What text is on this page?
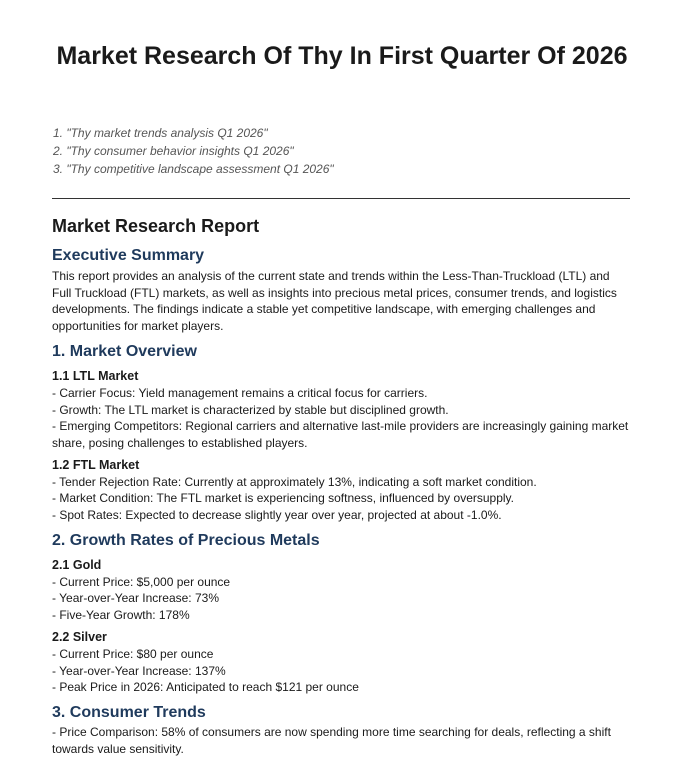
Market Research Of Thy In First Quarter Of 2026
1. "Thy market trends analysis Q1 2026"
2. "Thy consumer behavior insights Q1 2026"
3. "Thy competitive landscape assessment Q1 2026"
Market Research Report
Executive Summary

This report provides an analysis of the current state and trends within the Less-Than-Truckload (LTL) and Full Truckload (FTL) markets, as well as insights into precious metal prices, consumer trends, and logistics developments. The findings indicate a stable yet competitive landscape, with emerging challenges and opportunities for market players.

1. Market Overview
1.1 LTL Market
- Carrier Focus: Yield management remains a critical focus for carriers.
- Growth: The LTL market is characterized by stable but disciplined growth.
- Emerging Competitors: Regional carriers and alternative last-mile providers are increasingly gaining market share, posing challenges to established players.
1.2 FTL Market
- Tender Rejection Rate: Currently at approximately 13%, indicating a soft market condition.
- Market Condition: The FTL market is experiencing softness, influenced by oversupply.
- Spot Rates: Expected to decrease slightly year over year, projected at about -1.0%.
2. Growth Rates of Precious Metals
2.1 Gold
- Current Price: $5,000 per ounce
- Year-over-Year Increase: 73%
- Five-Year Growth: 178%
2.2 Silver
- Current Price: $80 per ounce
- Year-over-Year Increase: 137%
- Peak Price in 2026: Anticipated to reach $121 per ounce
3. Consumer Trends
- Price Comparison: 58% of consumers are now spending more time searching for deals, reflecting a shift towards value sensitivity.
